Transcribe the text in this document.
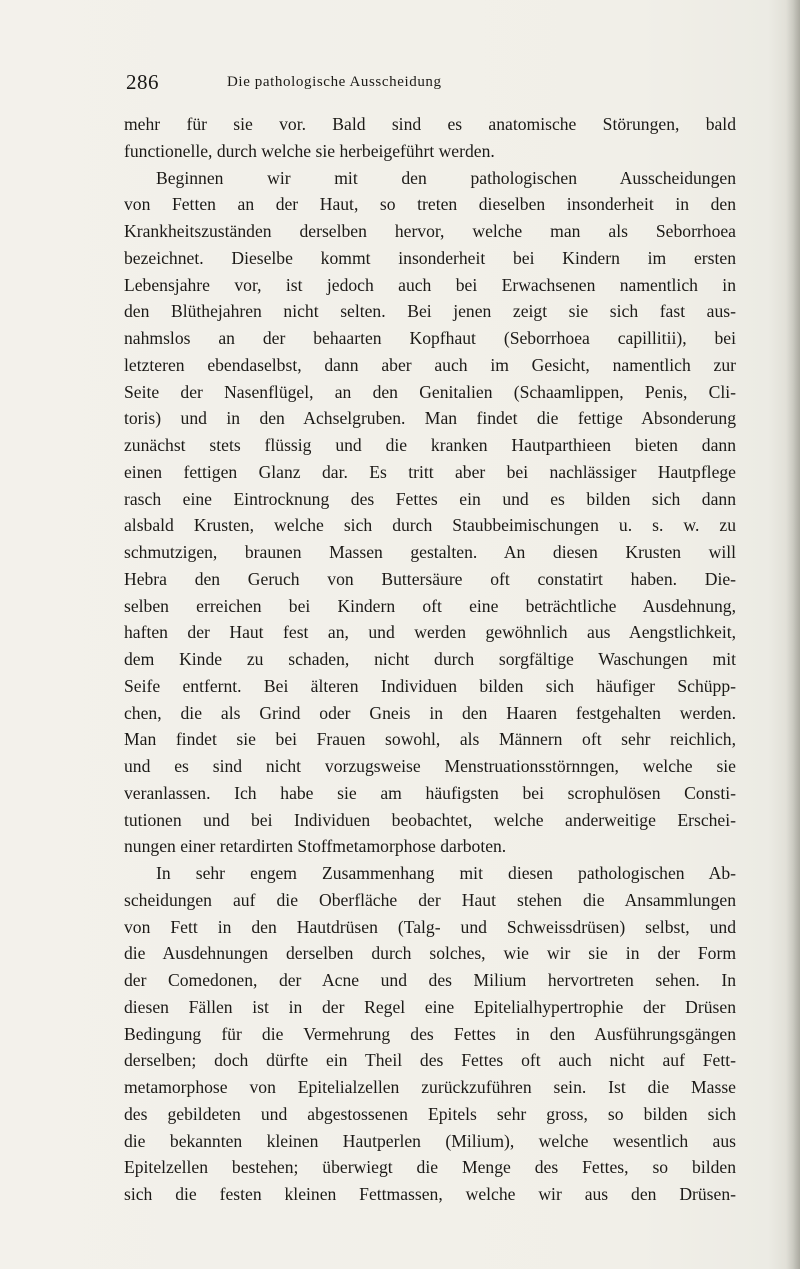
286	Die pathologische Ausscheidung
mehr für sie vor. Bald sind es anatomische Störungen, bald
functionelle, durch welche sie herbeigeführt werden.
Beginnen wir mit den pathologischen Ausscheidungen
von Fetten an der Haut, so treten dieselben insonderheit in den
Krankheitszuständen derselben hervor, welche man als Seborrhoea
bezeichnet. Dieselbe kommt insonderheit bei Kindern im ersten
Lebensjahre vor, ist jedoch auch bei Erwachsenen namentlich in
den Blüthejahren nicht selten. Bei jenen zeigt sie sich fast aus-
nahmslos an der behaarten Kopfhaut (Seborrhoea capillitii), bei
letzteren ebendaselbst, dann aber auch im Gesicht, namentlich zur
Seite der Nasenflügel, an den Genitalien (Schaamlippen, Penis, Cli-
toris) und in den Achselgruben. Man findet die fettige Absonderung
zunächst stets flüssig und die kranken Hautparthieen bieten dann
einen fettigen Glanz dar. Es tritt aber bei nachlässiger Hautpflege
rasch eine Eintrocknung des Fettes ein und es bilden sich dann
alsbald Krusten, welche sich durch Staubbeimischungen u. s. w. zu
schmutzigen, braunen Massen gestalten. An diesen Krusten will
Hebra den Geruch von Buttersäure oft constatirt haben. Die-
selben erreichen bei Kindern oft eine beträchtliche Ausdehnung,
haften der Haut fest an, und werden gewöhnlich aus Aengstlichkeit,
dem Kinde zu schaden, nicht durch sorgfältige Waschungen mit
Seife entfernt. Bei älteren Individuen bilden sich häufiger Schüpp-
chen, die als Grind oder Gneis in den Haaren festgehalten werden.
Man findet sie bei Frauen sowohl, als Männern oft sehr reichlich,
und es sind nicht vorzugsweise Menstruationsstörnngen, welche sie
veranlassen. Ich habe sie am häufigsten bei scrophulösen Consti-
tutionen und bei Individuen beobachtet, welche anderweitige Erschei-
nungen einer retardirten Stoffmetamorphose darboten.
In sehr engem Zusammenhang mit diesen pathologischen Ab-
scheidungen auf die Oberfläche der Haut stehen die Ansammlungen
von Fett in den Hautdrüsen (Talg- und Schweissdrüsen) selbst, und
die Ausdehnungen derselben durch solches, wie wir sie in der Form
der Comedonen, der Acne und des Milium hervortreten sehen. In
diesen Fällen ist in der Regel eine Epitelialhypertrophie der Drüsen
Bedingung für die Vermehrung des Fettes in den Ausführungsgängen
derselben; doch dürfte ein Theil des Fettes oft auch nicht auf Fett-
metamorphose von Epitelialzellen zurückzuführen sein. Ist die Masse
des gebildeten und abgestossenen Epitels sehr gross, so bilden sich
die bekannten kleinen Hautperlen (Milium), welche wesentlich aus
Epitelzellen bestehen; überwiegt die Menge des Fettes, so bilden
sich die festen kleinen Fettmassen, welche wir aus den Drüsen-
